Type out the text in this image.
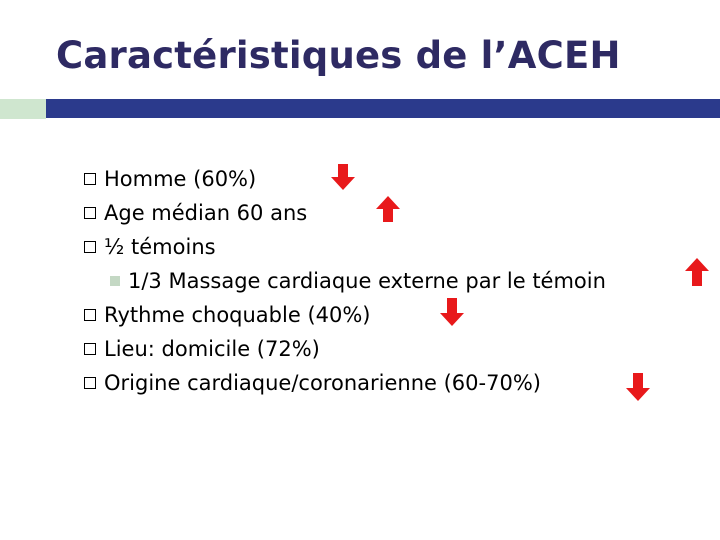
Caractéristiques de l’ACEH
Homme (60%)
Age médian 60 ans
½ témoins
1/3 Massage cardiaque externe par le témoin
Rythme choquable (40%)
Lieu: domicile (72%)
Origine cardiaque/coronarienne (60-70%)
